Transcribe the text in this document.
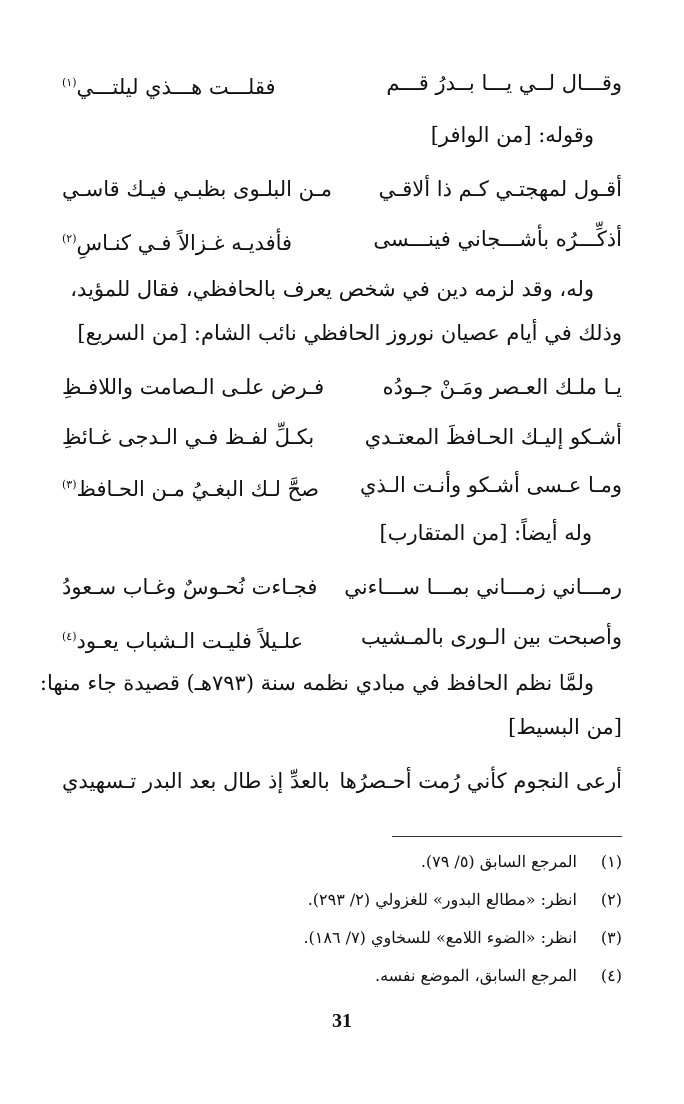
وقـــال لــي يـــا بــدرُ قـــم
فقلـــت هـــذي ليلتـــي$^{(١)}$
وقوله: [من الوافر]
أقـول لمهجتـي كـم ذا ألاقـي
مـن البلـوى بظبـي فيـك قاسـي
أذكِّـــرُه بأشـــجاني فينـــسى
فأفديـه غـزالاً فـي كنـاسِ$^{(٢)}$
وله، وقد لزمه دين في شخص يعرف بالحافظي، فقال للمؤيد،
وذلك في أيام عصيان نوروز الحافظي نائب الشام: [من السريع]
يـا ملـك العـصر ومَـنْ جـودُه
فـرض علـى الـصامت واللافـظِ
أشـكو إليـك الحـافظَ المعتـدي
بكـلِّ لفـظ فـي الـدجى غـائظِ
ومـا عـسى أشـكو وأنـت الـذي
صحَّ لـك البغـيُ مـن الحـافظ$^{(٣)}$
وله أيضاً: [من المتقارب]
رمـــاني زمـــاني بمـــا ســـاءني
فجـاءت نُحـوسٌ وغـاب سـعودُ
وأصبحت بين الـورى بالمـشيب
علـيلاً فليـت الـشباب يعـود$^{(٤)}$
ولمَّا نظم الحافظ في مبادي نظمه سنة (٧٩٣هـ) قصيدة جاء منها:
[من البسيط]
أرعى النجوم كأني رُمت أحـصرُها
بالعدِّ إذ طال بعد البدر تـسهيدي
(١) المرجع السابق (٥/ ٧٩).
(٢) انظر: «مطالع البدور» للغزولي (٢/ ٢٩٣).
(٣) انظر: «الضوء اللامع» للسخاوي (٧/ ١٨٦).
(٤) المرجع السابق، الموضع نفسه.
31
